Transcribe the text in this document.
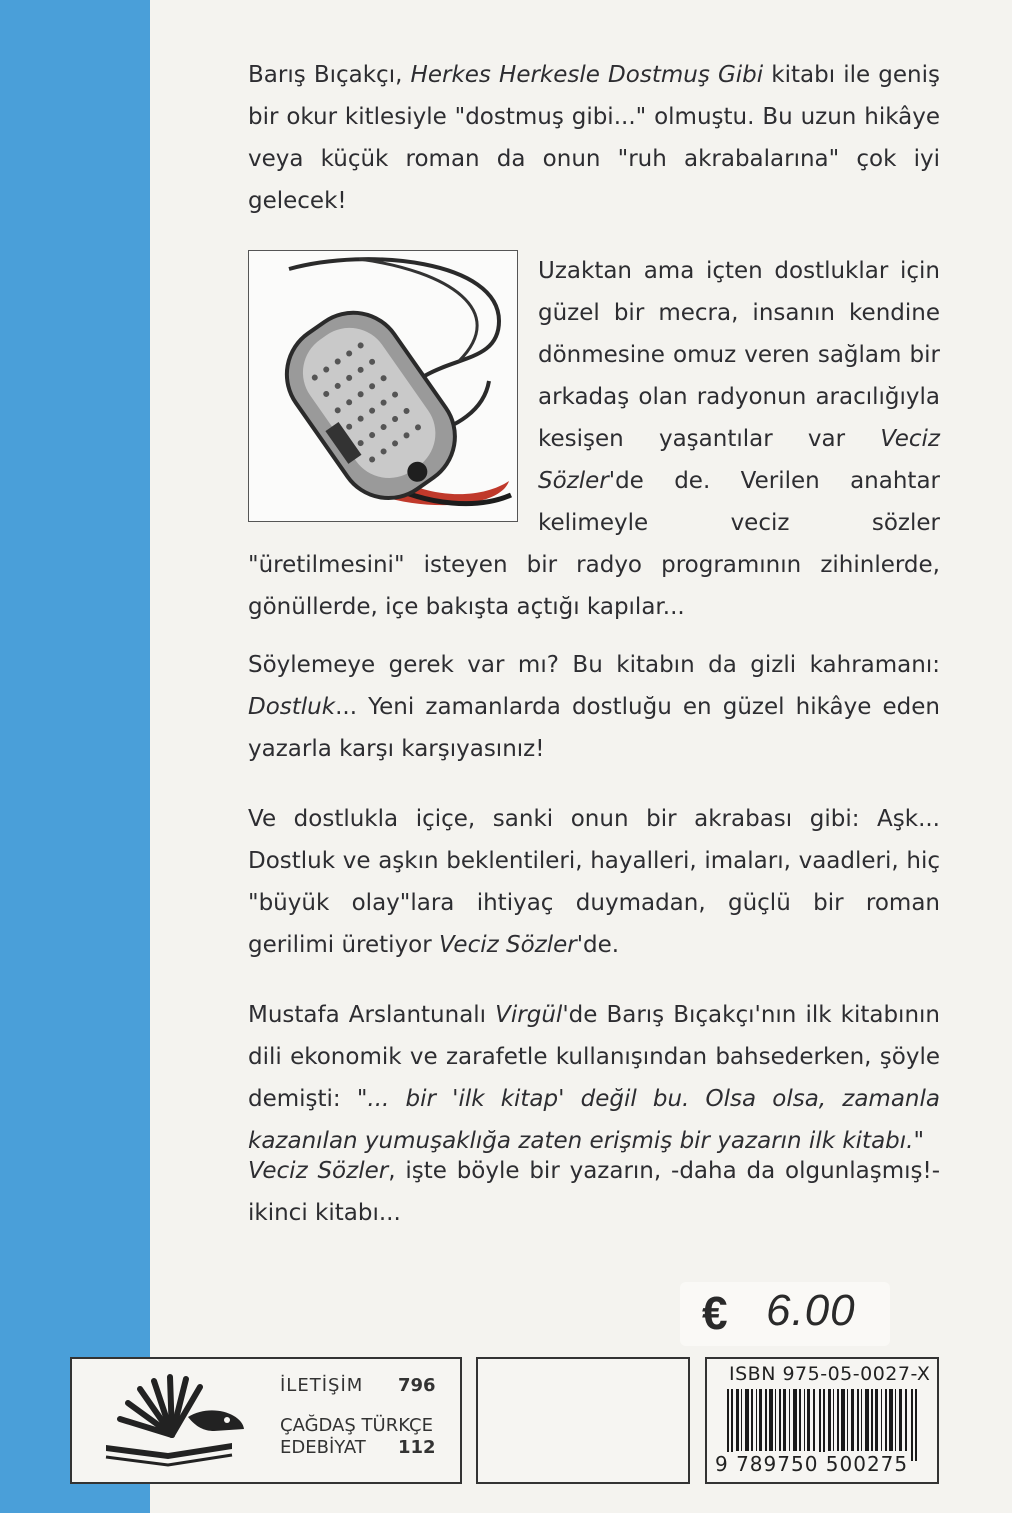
Barış Bıçakçı, Herkes Herkesle Dostmuş Gibi kitabı ile geniş bir okur kitlesiyle "dostmuş gibi..." olmuştu. Bu uzun hikâye veya küçük roman da onun "ruh akrabalarına" çok iyi gelecek!

Uzaktan ama içten dostluklar için güzel bir mecra, insanın kendine dönmesine omuz veren sağlam bir arkadaş olan radyonun aracılığıyla kesişen yaşantılar var Veciz Sözler'de de. Verilen anahtar kelimeyle veciz sözler "üretilmesini" isteyen bir radyo programının zihinlerde, gönüllerde, içe bakışta açtığı kapılar...

Söylemeye gerek var mı? Bu kitabın da gizli kahramanı: Dostluk... Yeni zamanlarda dostluğu en güzel hikâye eden yazarla karşı karşıyasınız!

Ve dostlukla içiçe, sanki onun bir akrabası gibi: Aşk... Dostluk ve aşkın beklentileri, hayalleri, imaları, vaadleri, hiç "büyük olay"lara ihtiyaç duymadan, güçlü bir roman gerilimi üretiyor Veciz Sözler'de.

Mustafa Arslantunalı Virgül'de Barış Bıçakçı'nın ilk kitabının dili ekonomik ve zarafetle kullanışından bahsederken, şöyle demişti: "... bir 'ilk kitap' değil bu. Olsa olsa, zamanla kazanılan yumuşaklığa zaten erişmiş bir yazarın ilk kitabı."

Veciz Sözler, işte böyle bir yazarın, -daha da olgunlaşmış!- ikinci kitabı...

€ 6.00
İLETİŞİM 796
ÇAĞDAŞ TÜRKÇE
EDEBİYAT 112
ISBN 975-05-0027-X
9 789750 500275
